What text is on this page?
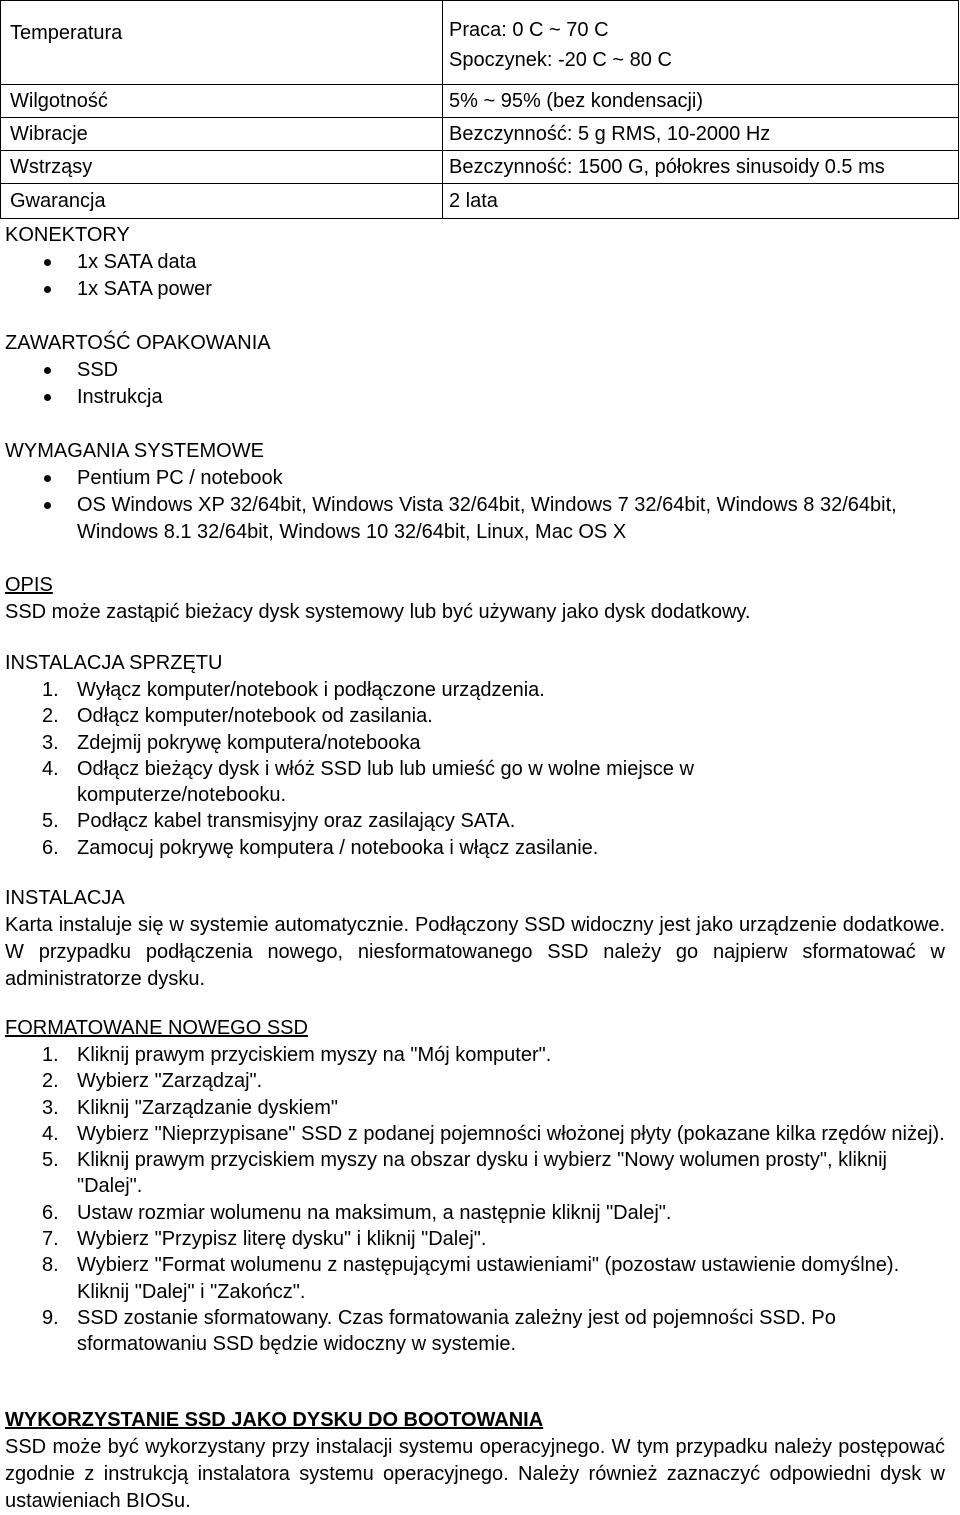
Temperatura	Praca: 0 C ~ 70 C
Spoczynek: -20 C ~ 80 C

Wilgotność	5% ~ 95% (bez kondensacji)
Wibracje	Bezczynność: 5 g RMS, 10-2000 Hz
Wstrząsy	Bezczynność: 1500 G, półokres sinusoidy 0.5 ms
Gwarancja	2 lata
KONEKTORY
1x SATA data
1x SATA power
ZAWARTOŚĆ OPAKOWANIA
SSD
Instrukcja
WYMAGANIA SYSTEMOWE
Pentium PC / notebook
OS Windows XP 32/64bit, Windows Vista 32/64bit, Windows 7 32/64bit, Windows 8 32/64bit, Windows 8.1 32/64bit, Windows 10 32/64bit, Linux, Mac OS X
OPIS

SSD może zastąpić bieżacy dysk systemowy lub być używany jako dysk dodatkowy.

INSTALACJA SPRZĘTU
1. Wyłącz komputer/notebook i podłączone urządzenia.
2. Odłącz komputer/notebook od zasilania.
3. Zdejmij pokrywę komputera/notebooka
4. Odłącz bieżący dysk i włóż SSD lub lub umieść go w wolne miejsce w komputerze/notebooku.
5. Podłącz kabel transmisyjny oraz zasilający SATA.
6. Zamocuj pokrywę komputera / notebooka i włącz zasilanie.
INSTALACJA

Karta instaluje się w systemie automatycznie. Podłączony SSD widoczny jest jako urządzenie dodatkowe. W przypadku podłączenia nowego, niesformatowanego SSD należy go najpierw sformatować w administratorze dysku.

FORMATOWANE NOWEGO SSD
1. Kliknij prawym przyciskiem myszy na "Mój komputer".
2. Wybierz "Zarządzaj".
3. Kliknij "Zarządzanie dyskiem"
4. Wybierz "Nieprzypisane" SSD z podanej pojemności włożonej płyty (pokazane kilka rzędów niżej).
5. Kliknij prawym przyciskiem myszy na obszar dysku i wybierz "Nowy wolumen prosty", kliknij "Dalej".
6. Ustaw rozmiar wolumenu na maksimum, a następnie kliknij "Dalej".
7. Wybierz "Przypisz literę dysku" i kliknij "Dalej".
8. Wybierz "Format wolumenu z następującymi ustawieniami" (pozostaw ustawienie domyślne). Kliknij "Dalej" i "Zakończ".
9. SSD zostanie sformatowany. Czas formatowania zależny jest od pojemności SSD. Po sformatowaniu SSD będzie widoczny w systemie.
WYKORZYSTANIE SSD JAKO DYSKU DO BOOTOWANIA

SSD może być wykorzystany przy instalacji systemu operacyjnego. W tym przypadku należy postępować zgodnie z instrukcją instalatora systemu operacyjnego. Należy również zaznaczyć odpowiedni dysk w ustawieniach BIOSu.
